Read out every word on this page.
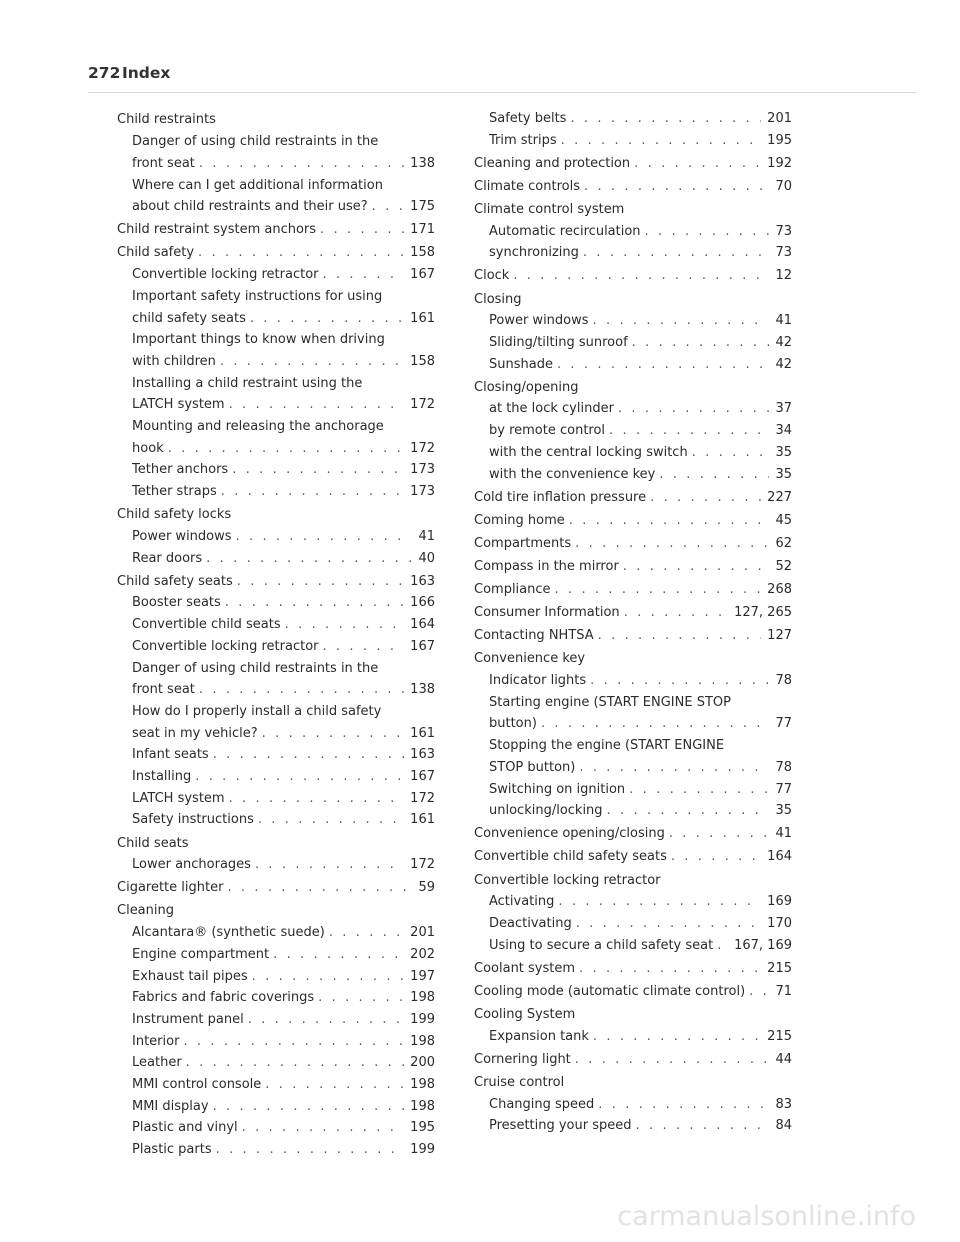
272 Index
Child restraints
Danger of using child restraints in the
front seat . . .	138
Where can I get additional information
about child restraints and their use? . . .	175
Child restraint system anchors . . .	171
Child safety . . .	158
Convertible locking retractor . . .	167
Important safety instructions for using
child safety seats . . .	161
Important things to know when driving
with children . . .	158
Installing a child restraint using the
LATCH system . . .	172
Mounting and releasing the anchorage
hook . . .	172
Tether anchors . . .	173
Tether straps . . .	173
Child safety locks
Power windows . . .	41
Rear doors . . .	40
Child safety seats . . .	163
Booster seats . . .	166
Convertible child seats . . .	164
Convertible locking retractor . . .	167
Danger of using child restraints in the
front seat . . .	138
How do I properly install a child safety
seat in my vehicle? . . .	161
Infant seats . . .	163
Installing . . .	167
LATCH system . . .	172
Safety instructions . . .	161
Child seats
Lower anchorages . . .	172
Cigarette lighter . . .	59
Cleaning
Alcantara® (synthetic suede) . . .	201
Engine compartment . . .	202
Exhaust tail pipes . . .	197
Fabrics and fabric coverings . . .	198
Instrument panel . . .	199
Interior . . .	198
Leather . . .	200
MMI control console . . .	198
MMI display . . .	198
Plastic and vinyl . . .	195
Plastic parts . . .	199
Safety belts . . .	201
Trim strips . . .	195
Cleaning and protection . . .	192
Climate controls . . .	70
Climate control system
Automatic recirculation . . .	73
synchronizing . . .	73
Clock . . .	12
Closing
Power windows . . .	41
Sliding/tilting sunroof . . .	42
Sunshade . . .	42
Closing/opening
at the lock cylinder . . .	37
by remote control . . .	34
with the central locking switch . . .	35
with the convenience key . . .	35
Cold tire inflation pressure . . .	227
Coming home . . .	45
Compartments . . .	62
Compass in the mirror . . .	52
Compliance . . .	268
Consumer Information . . .	127, 265
Contacting NHTSA . . .	127
Convenience key
Indicator lights . . .	78
Starting engine (START ENGINE STOP
button) . . .	77
Stopping the engine (START ENGINE
STOP button) . . .	78
Switching on ignition . . .	77
unlocking/locking . . .	35
Convenience opening/closing . . .	41
Convertible child safety seats . . .	164
Convertible locking retractor
Activating . . .	169
Deactivating . . .	170
Using to secure a child safety seat . . . 167, 169
Coolant system . . .	215
Cooling mode (automatic climate control) . . . 71
Cooling System
Expansion tank . . .	215
Cornering light . . .	44
Cruise control
Changing speed . . .	83
Presetting your speed . . .	84
carmanualsonline.info
